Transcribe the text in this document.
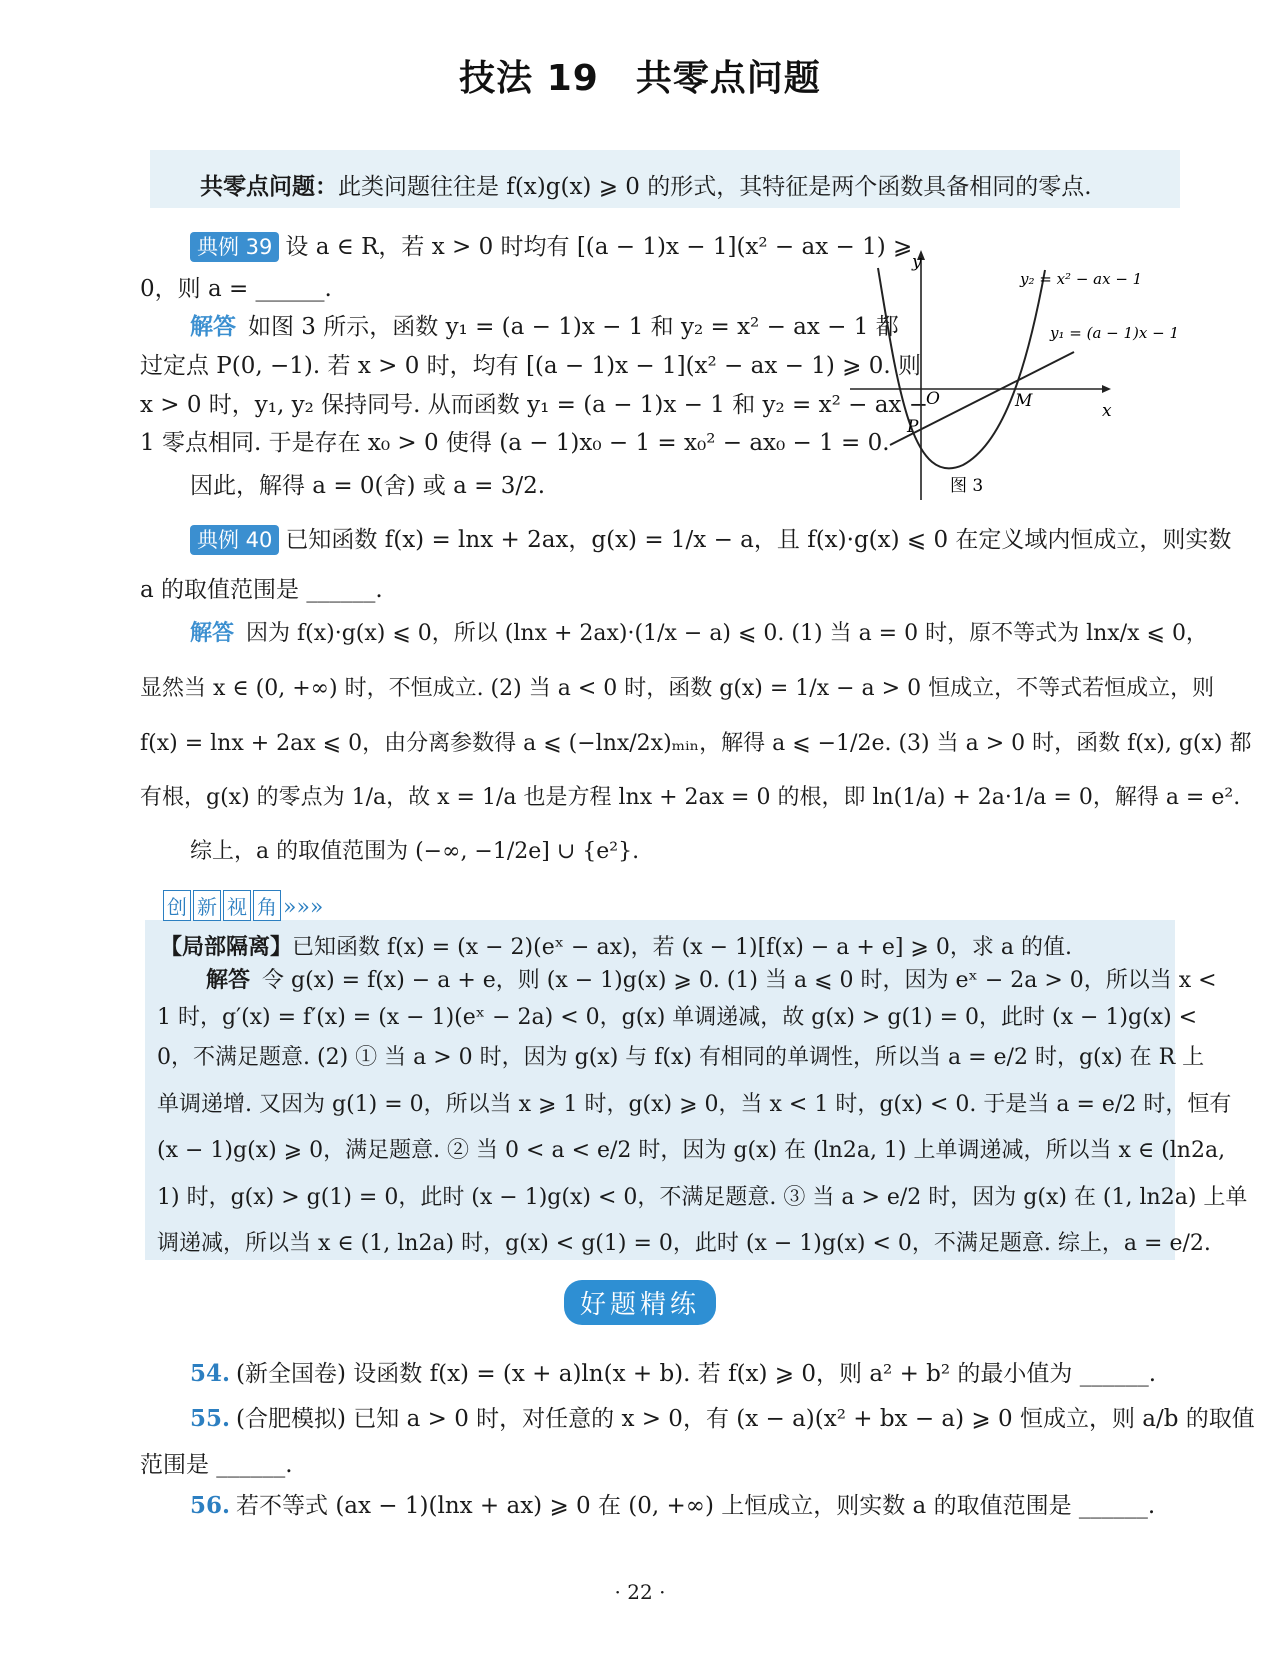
技法 19　共零点问题
共零点问题：此类问题往往是 f(x)g(x) ⩾ 0 的形式，其特征是两个函数具备相同的零点.
典例 39 设 a ∈ R，若 x > 0 时均有 [(a − 1)x − 1](x² − ax − 1) ⩾
0，则 a = ______.
解答 如图 3 所示，函数 y₁ = (a − 1)x − 1 和 y₂ = x² − ax − 1 都
过定点 P(0, −1). 若 x > 0 时，均有 [(a − 1)x − 1](x² − ax − 1) ⩾ 0. 则
x > 0 时，y₁, y₂ 保持同号. 从而函数 y₁ = (a − 1)x − 1 和 y₂ = x² − ax −
1 零点相同. 于是存在 x₀ > 0 使得 (a − 1)x₀ − 1 = x₀² − ax₀ − 1 = 0.
因此，解得 a = 0(舍) 或 a = 3/2.
y
x
O	M
P
y₂ = x² − ax − 1
y₁ = (a − 1)x − 1
图 3
典例 40 已知函数 f(x) = lnx + 2ax，g(x) = 1/x − a，且 f(x)·g(x) ⩽ 0 在定义域内恒成立，则实数
a 的取值范围是 ______.
解答 因为 f(x)·g(x) ⩽ 0，所以 (lnx + 2ax)·(1/x − a) ⩽ 0. (1) 当 a = 0 时，原不等式为 lnx/x ⩽ 0，
显然当 x ∈ (0, +∞) 时，不恒成立. (2) 当 a < 0 时，函数 g(x) = 1/x − a > 0 恒成立，不等式若恒成立，则
f(x) = lnx + 2ax ⩽ 0，由分离参数得 a ⩽ (−lnx/2x)ₘᵢₙ，解得 a ⩽ −1/2e. (3) 当 a > 0 时，函数 f(x), g(x) 都
有根，g(x) 的零点为 1/a，故 x = 1/a 也是方程 lnx + 2ax = 0 的根，即 ln(1/a) + 2a·1/a = 0，解得 a = e².
综上，a 的取值范围为 (−∞, −1/2e] ∪ {e²}.
创 新 视 角 »»»
【局部隔离】已知函数 f(x) = (x − 2)(eˣ − ax)，若 (x − 1)[f(x) − a + e] ⩾ 0，求 a 的值.
解答 令 g(x) = f(x) − a + e，则 (x − 1)g(x) ⩾ 0. (1) 当 a ⩽ 0 时，因为 eˣ − 2a > 0，所以当 x <
1 时，g′(x) = f′(x) = (x − 1)(eˣ − 2a) < 0，g(x) 单调递减，故 g(x) > g(1) = 0，此时 (x − 1)g(x) <
0，不满足题意. (2) ① 当 a > 0 时，因为 g(x) 与 f(x) 有相同的单调性，所以当 a = e/2 时，g(x) 在 R 上
单调递增. 又因为 g(1) = 0，所以当 x ⩾ 1 时，g(x) ⩾ 0，当 x < 1 时，g(x) < 0. 于是当 a = e/2 时，恒有
(x − 1)g(x) ⩾ 0，满足题意. ② 当 0 < a < e/2 时，因为 g(x) 在 (ln2a, 1) 上单调递减，所以当 x ∈ (ln2a,
1) 时，g(x) > g(1) = 0，此时 (x − 1)g(x) < 0，不满足题意. ③ 当 a > e/2 时，因为 g(x) 在 (1, ln2a) 上单
调递减，所以当 x ∈ (1, ln2a) 时，g(x) < g(1) = 0，此时 (x − 1)g(x) < 0，不满足题意. 综上，a = e/2.
好题精练
54. (新全国卷) 设函数 f(x) = (x + a)ln(x + b). 若 f(x) ⩾ 0，则 a² + b² 的最小值为 ______.
55. (合肥模拟) 已知 a > 0 时，对任意的 x > 0，有 (x − a)(x² + bx − a) ⩾ 0 恒成立，则 a/b 的取值
范围是 ______.
56. 若不等式 (ax − 1)(lnx + ax) ⩾ 0 在 (0, +∞) 上恒成立，则实数 a 的取值范围是 ______.
· 22 ·
